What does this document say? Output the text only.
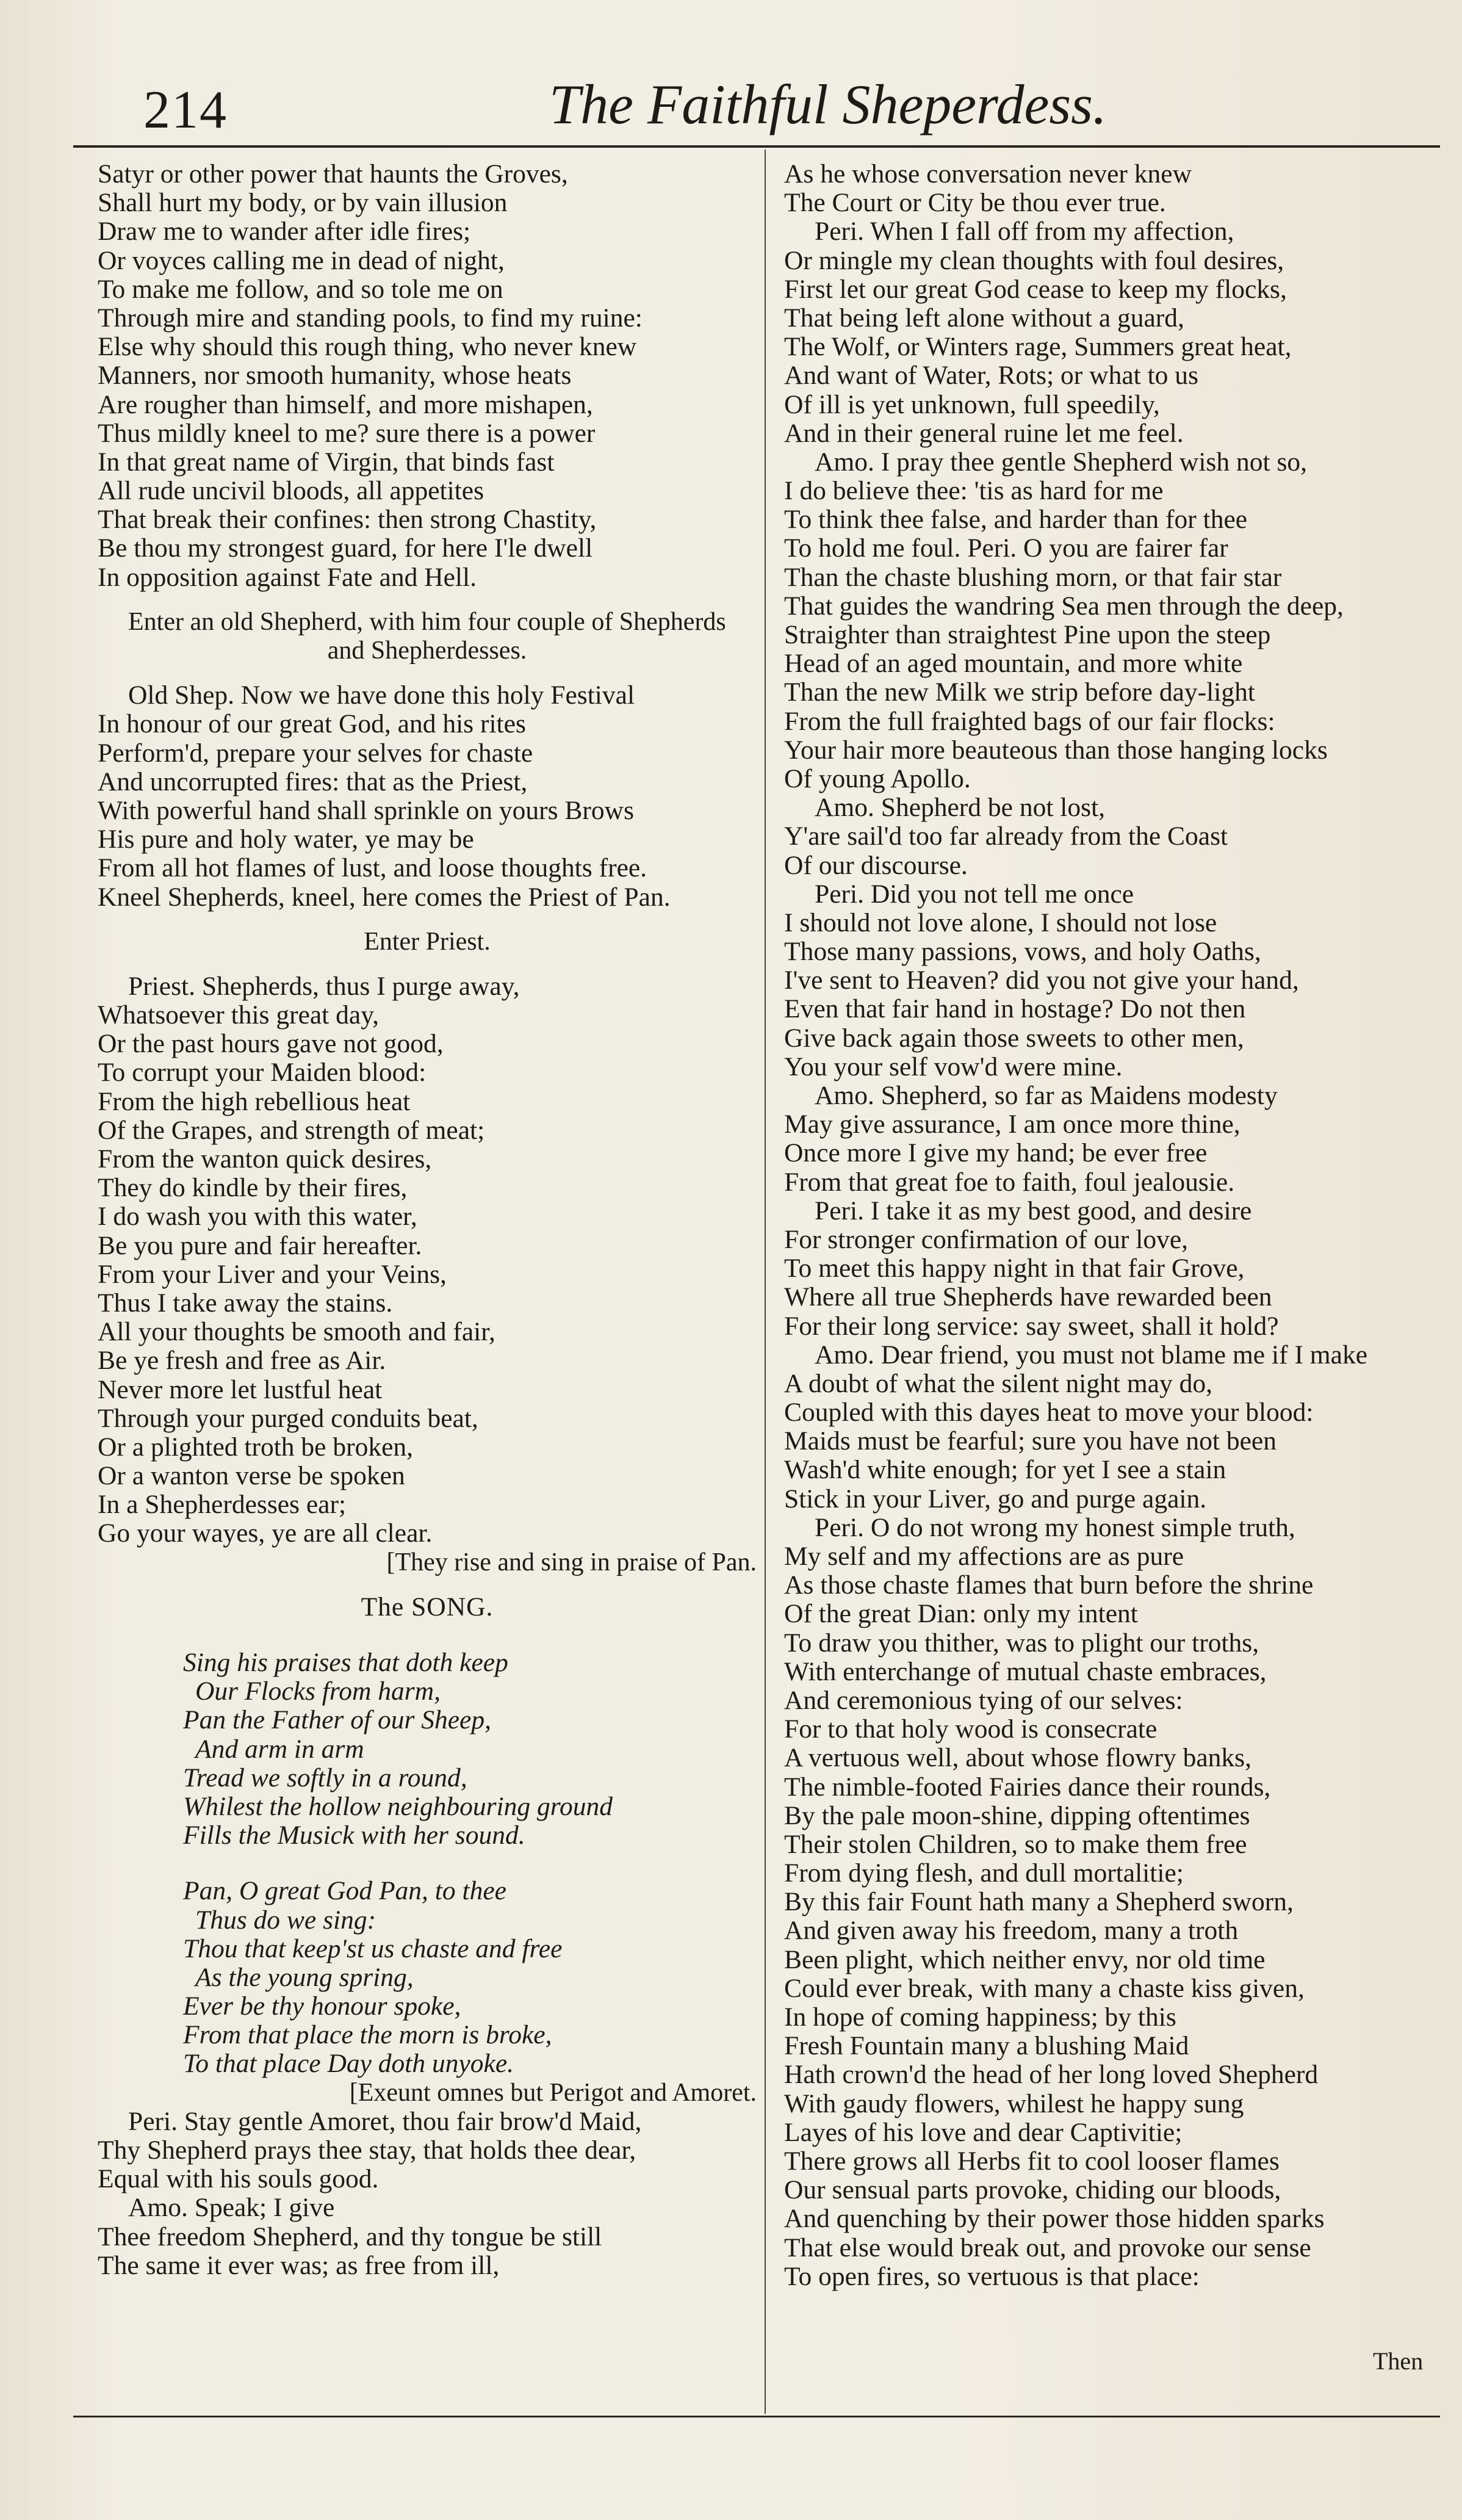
214	The Faithful Sheperdess.
Satyr or other power that haunts the Groves,
Shall hurt my body, or by vain illusion
Draw me to wander after idle fires;
Or voyces calling me in dead of night,
To make me follow, and so tole me on
Through mire and standing pools, to find my ruine:
Else why should this rough thing, who never knew
Manners, nor smooth humanity, whose heats
Are rougher than himself, and more mishapen,
Thus mildly kneel to me? sure there is a power
In that great name of Virgin, that binds fast
All rude uncivil bloods, all appetites
That break their confines: then strong Chastity,
Be thou my strongest guard, for here I'le dwell
In opposition against Fate and Hell.
Enter an old Shepherd, with him four couple of Shepherds
and Shepherdesses.
Old Shep. Now we have done this holy Festival
In honour of our great God, and his rites
Perform'd, prepare your selves for chaste
And uncorrupted fires: that as the Priest,
With powerful hand shall sprinkle on yours Brows
His pure and holy water, ye may be
From all hot flames of lust, and loose thoughts free.
Kneel Shepherds, kneel, here comes the Priest of Pan.
Enter Priest.
Priest. Shepherds, thus I purge away,
Whatsoever this great day,
Or the past hours gave not good,
To corrupt your Maiden blood:
From the high rebellious heat
Of the Grapes, and strength of meat;
From the wanton quick desires,
They do kindle by their fires,
I do wash you with this water,
Be you pure and fair hereafter.
From your Liver and your Veins,
Thus I take away the stains.
All your thoughts be smooth and fair,
Be ye fresh and free as Air.
Never more let lustful heat
Through your purged conduits beat,
Or a plighted troth be broken,
Or a wanton verse be spoken
In a Shepherdesses ear;
Go your wayes, ye are all clear.
[They rise and sing in praise of Pan.
The SONG.
Sing his praises that doth keep
Our Flocks from harm,
Pan the Father of our Sheep,
And arm in arm
Tread we softly in a round,
Whilest the hollow neighbouring ground
Fills the Musick with her sound.
Pan, O great God Pan, to thee
Thus do we sing:
Thou that keep'st us chaste and free
As the young spring,
Ever be thy honour spoke,
From that place the morn is broke,
To that place Day doth unyoke.
[Exeunt omnes but Perigot and Amoret.
Peri. Stay gentle Amoret, thou fair brow'd Maid,
Thy Shepherd prays thee stay, that holds thee dear,
Equal with his souls good.
Amo. Speak; I give
Thee freedom Shepherd, and thy tongue be still
The same it ever was; as free from ill,
As he whose conversation never knew
The Court or City be thou ever true.
Peri. When I fall off from my affection,
Or mingle my clean thoughts with foul desires,
First let our great God cease to keep my flocks,
That being left alone without a guard,
The Wolf, or Winters rage, Summers great heat,
And want of Water, Rots; or what to us
Of ill is yet unknown, full speedily,
And in their general ruine let me feel.
Amo. I pray thee gentle Shepherd wish not so,
I do believe thee: 'tis as hard for me
To think thee false, and harder than for thee
To hold me foul. Peri. O you are fairer far
Than the chaste blushing morn, or that fair star
That guides the wandring Sea men through the deep,
Straighter than straightest Pine upon the steep
Head of an aged mountain, and more white
Than the new Milk we strip before day-light
From the full fraighted bags of our fair flocks:
Your hair more beauteous than those hanging locks
Of young Apollo.
Amo. Shepherd be not lost,
Y'are sail'd too far already from the Coast
Of our discourse.
Peri. Did you not tell me once
I should not love alone, I should not lose
Those many passions, vows, and holy Oaths,
I've sent to Heaven? did you not give your hand,
Even that fair hand in hostage? Do not then
Give back again those sweets to other men,
You your self vow'd were mine.
Amo. Shepherd, so far as Maidens modesty
May give assurance, I am once more thine,
Once more I give my hand; be ever free
From that great foe to faith, foul jealousie.
Peri. I take it as my best good, and desire
For stronger confirmation of our love,
To meet this happy night in that fair Grove,
Where all true Shepherds have rewarded been
For their long service: say sweet, shall it hold?
Amo. Dear friend, you must not blame me if I make
A doubt of what the silent night may do,
Coupled with this dayes heat to move your blood:
Maids must be fearful; sure you have not been
Wash'd white enough; for yet I see a stain
Stick in your Liver, go and purge again.
Peri. O do not wrong my honest simple truth,
My self and my affections are as pure
As those chaste flames that burn before the shrine
Of the great Dian: only my intent
To draw you thither, was to plight our troths,
With enterchange of mutual chaste embraces,
And ceremonious tying of our selves:
For to that holy wood is consecrate
A vertuous well, about whose flowry banks,
The nimble-footed Fairies dance their rounds,
By the pale moon-shine, dipping oftentimes
Their stolen Children, so to make them free
From dying flesh, and dull mortalitie;
By this fair Fount hath many a Shepherd sworn,
And given away his freedom, many a troth
Been plight, which neither envy, nor old time
Could ever break, with many a chaste kiss given,
In hope of coming happiness; by this
Fresh Fountain many a blushing Maid
Hath crown'd the head of her long loved Shepherd
With gaudy flowers, whilest he happy sung
Layes of his love and dear Captivitie;
There grows all Herbs fit to cool looser flames
Our sensual parts provoke, chiding our bloods,
And quenching by their power those hidden sparks
That else would break out, and provoke our sense
To open fires, so vertuous is that place:
Then
